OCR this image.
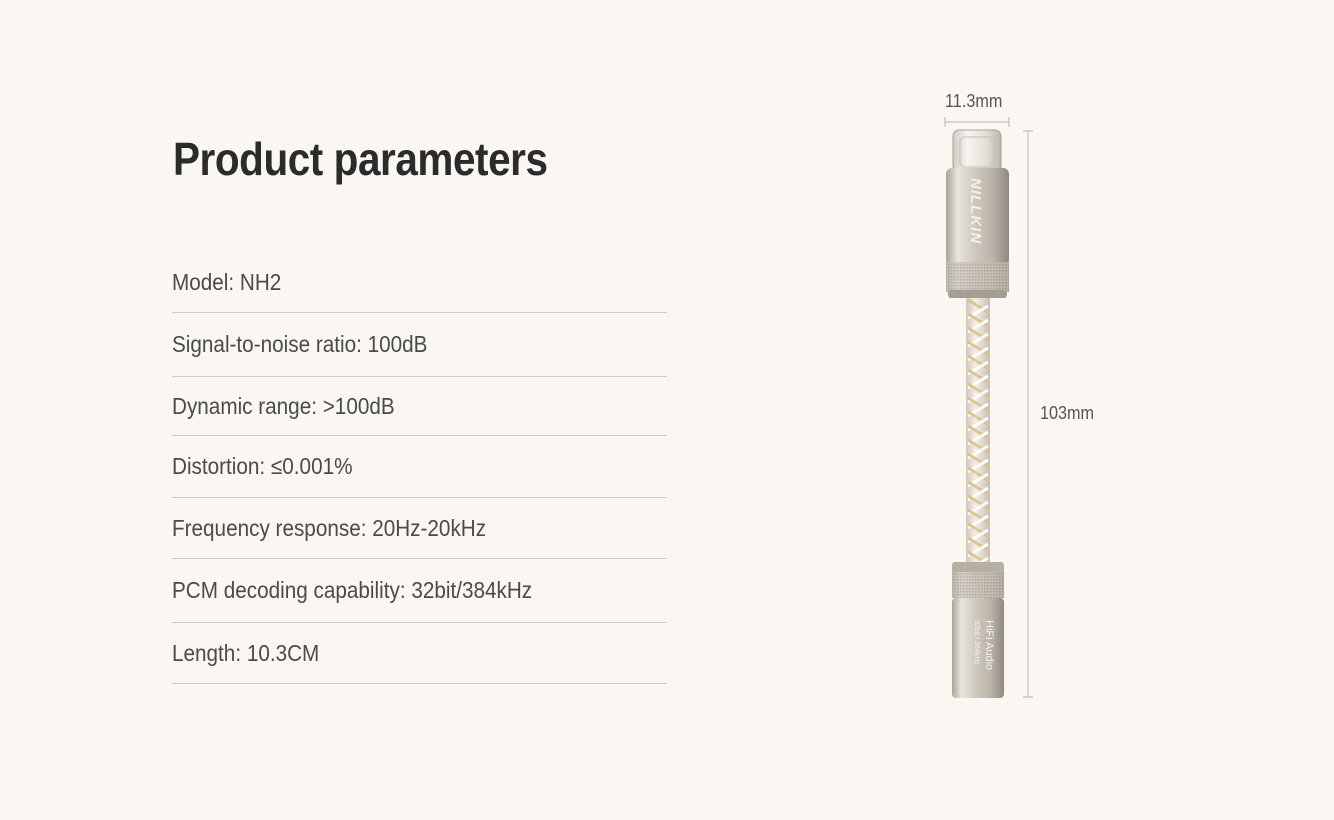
Product parameters
Model: NH2
Signal-to-noise ratio: 100dB
Dynamic range: >100dB
Distortion: ≤0.001%
Frequency response: 20Hz-20kHz
PCM decoding capability: 32bit/384kHz
Length: 10.3CM
11.3mm
103mm
NILLKIN
HiFi Audio
32bit / 384kHz
